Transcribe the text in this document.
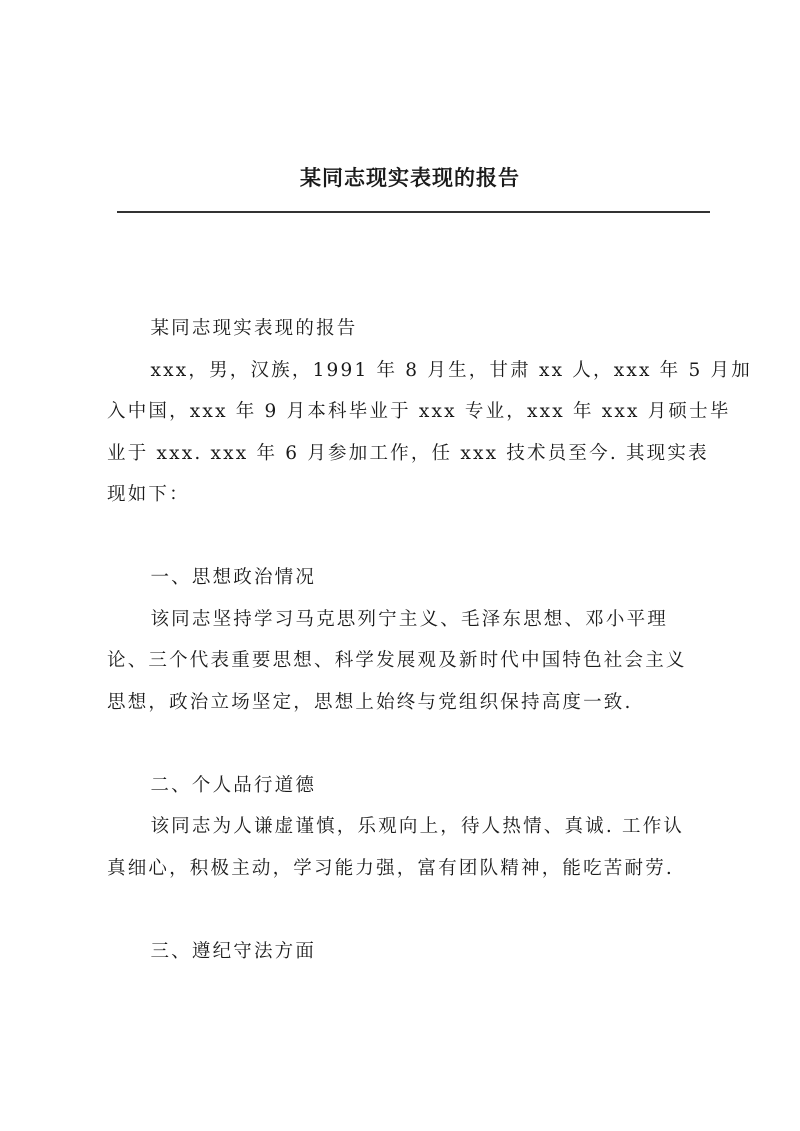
某同志现实表现的报告

某同志现实表现的报告

xxx，男，汉族，1991 年 8 月生，甘肃 xx 人，xxx 年 5 月加
入中国，xxx 年 9 月本科毕业于 xxx 专业，xxx 年 xxx 月硕士毕
业于 xxx. xxx 年 6 月参加工作，任 xxx 技术员至今. 其现实表
现如下：

一、思想政治情况

该同志坚持学习马克思列宁主义、毛泽东思想、邓小平理
论、三个代表重要思想、科学发展观及新时代中国特色社会主义
思想，政治立场坚定，思想上始终与党组织保持高度一致.

二、个人品行道德

该同志为人谦虚谨慎，乐观向上，待人热情、真诚. 工作认
真细心，积极主动，学习能力强，富有团队精神，能吃苦耐劳.

三、遵纪守法方面
